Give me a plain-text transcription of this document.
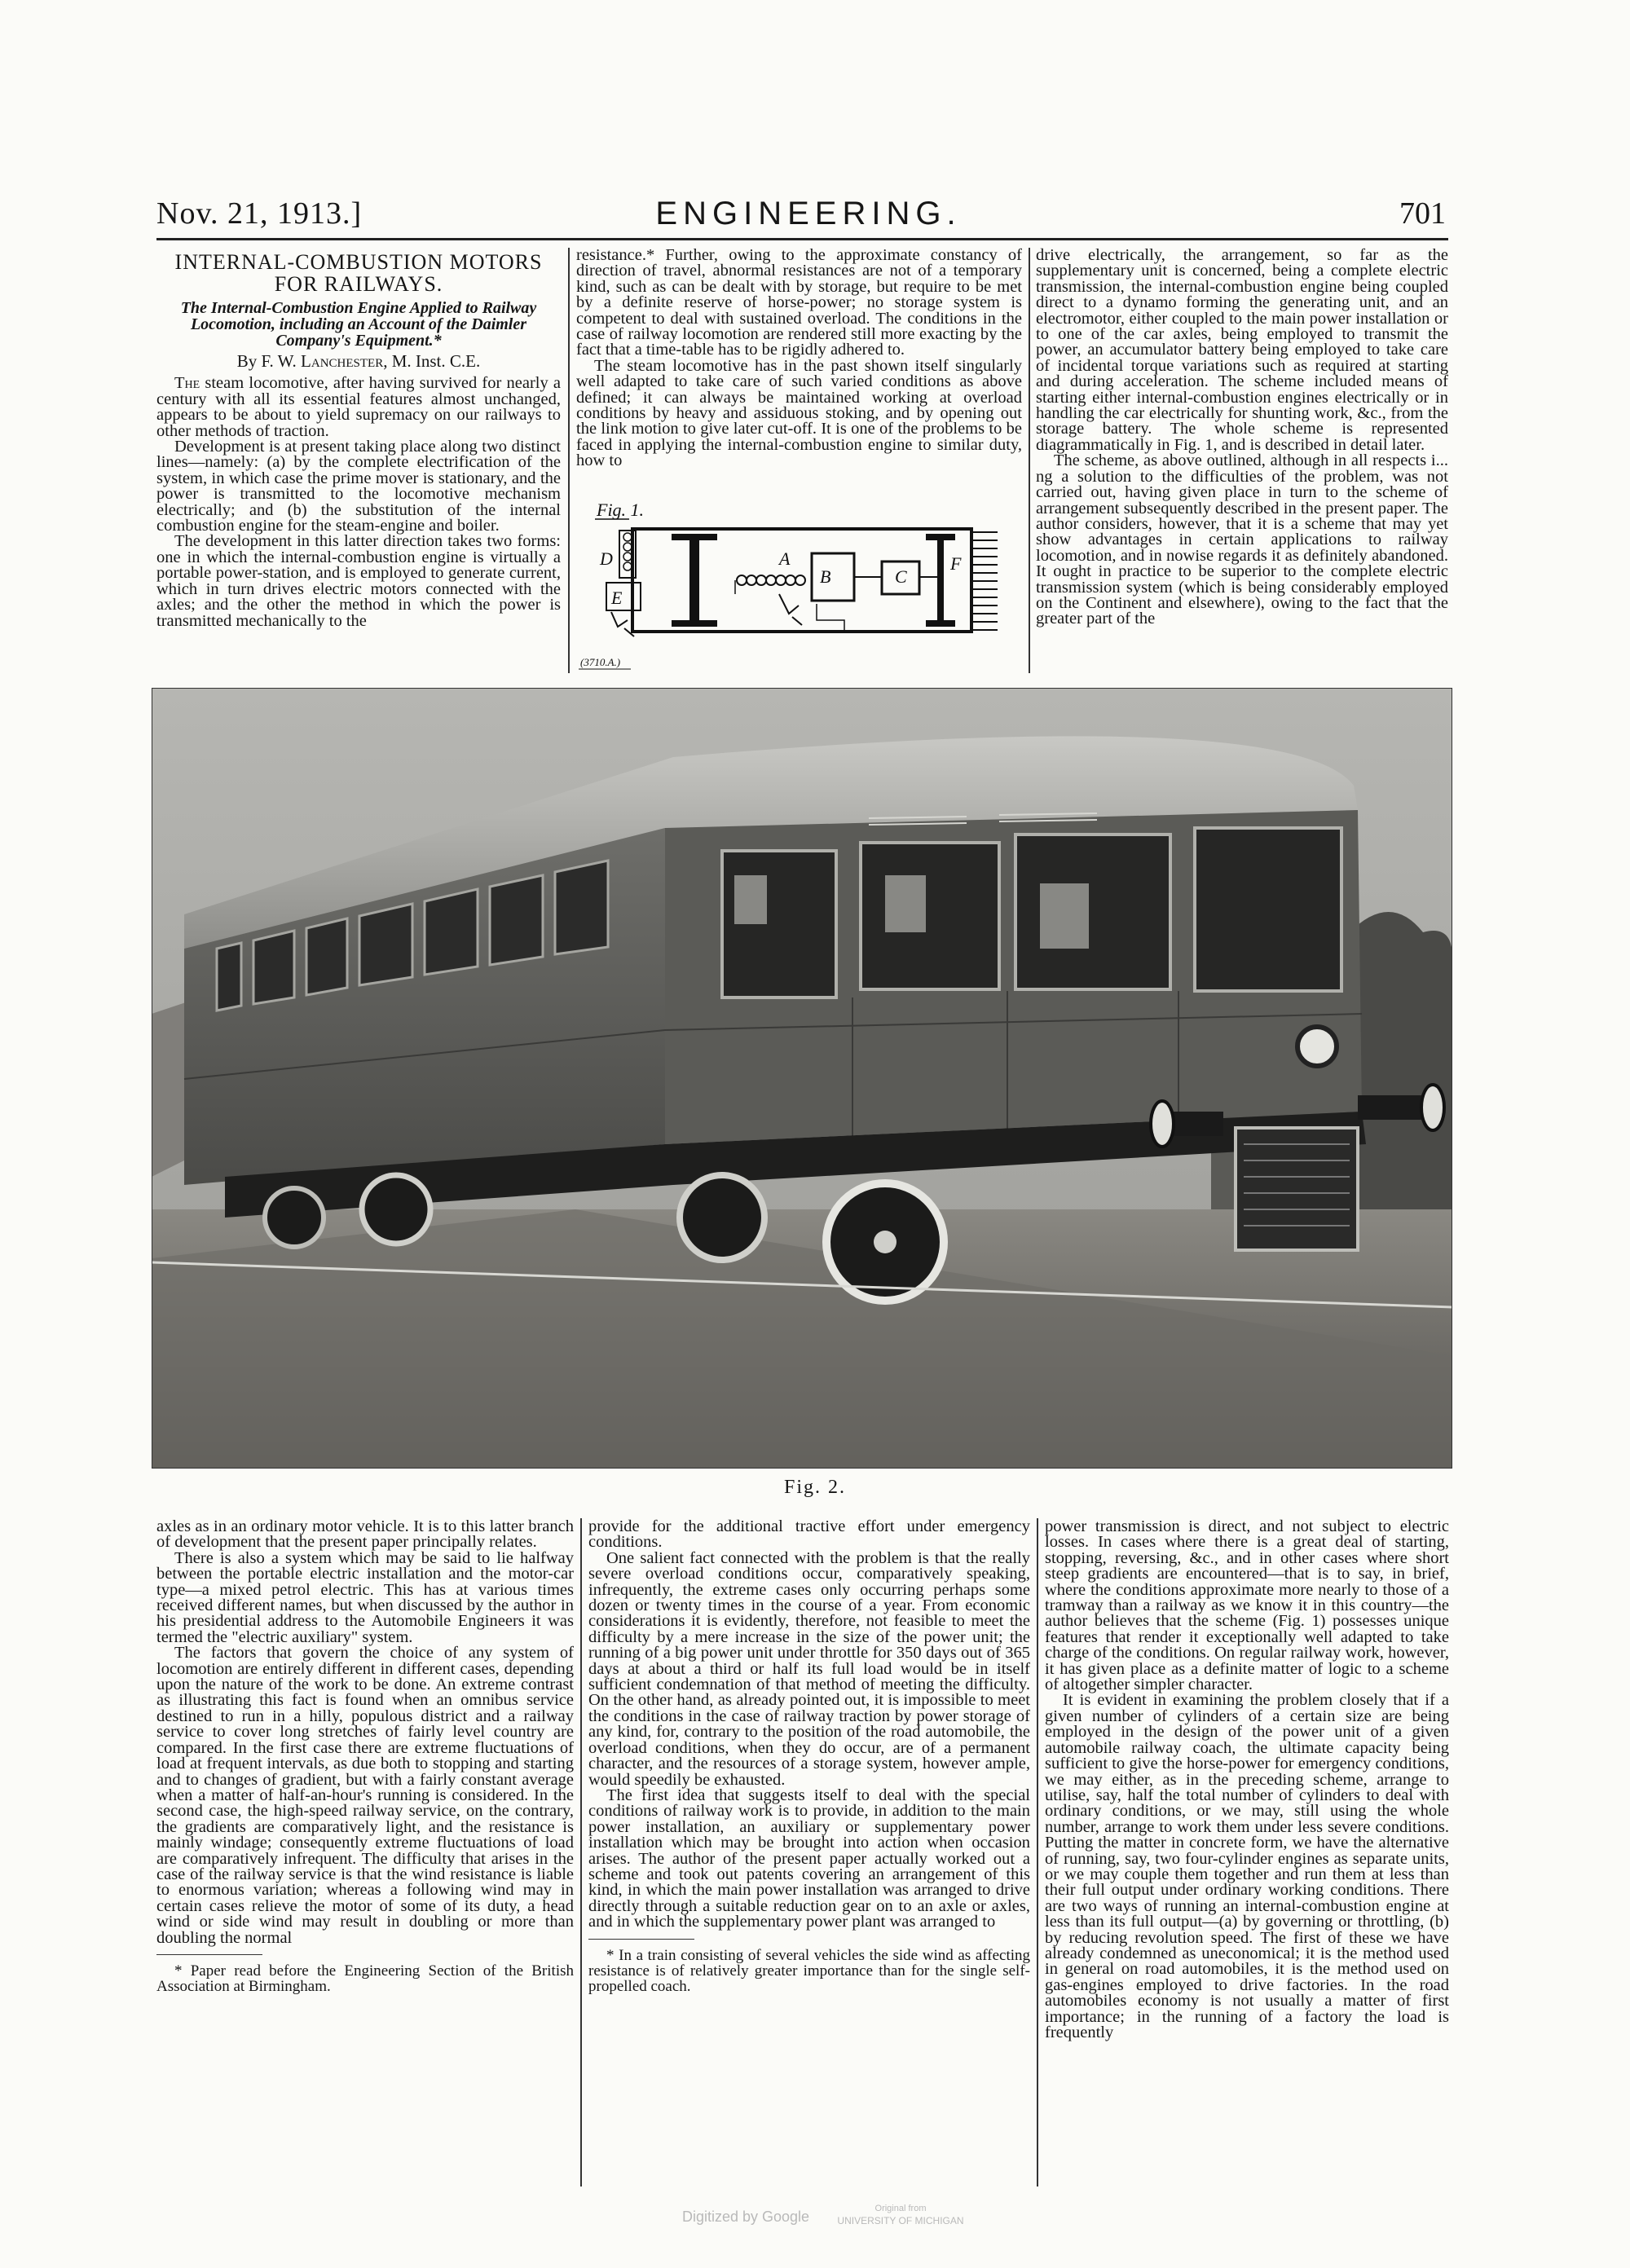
ENGINEERING.
Nov. 21, 1913.]	701
INTERNAL-COMBUSTION MOTORS FOR RAILWAYS.
The Internal-Combustion Engine Applied to Railway Locomotion, including an Account of the Daimler Company's Equipment.*
By F. W. Lanchester, M. Inst. C.E.

The steam locomotive, after having survived for nearly a century with all its essential features almost unchanged, appears to be about to yield supremacy on our railways to other methods of traction.

Development is at present taking place along two distinct lines—namely: (a) by the complete electrification of the system, in which case the prime mover is stationary, and the power is transmitted to the locomotive mechanism electrically; and (b) the substitution of the internal combustion engine for the steam-engine and boiler.

The development in this latter direction takes two forms: one in which the internal-combustion engine is virtually a portable power-station, and is employed to generate current, which in turn drives electric motors connected with the axles; and the other the method in which the power is transmitted mechanically to the

resistance.* Further, owing to the approximate constancy of direction of travel, abnormal resistances are not of a temporary kind, such as can be dealt with by storage, but require to be met by a definite reserve of horse-power; no storage system is competent to deal with sustained overload. The conditions in the case of railway locomotion are rendered still more exacting by the fact that a time-table has to be rigidly adhered to.

The steam locomotive has in the past shown itself singularly well adapted to take care of such varied conditions as above defined; it can always be maintained working at overload conditions by heavy and assiduous stoking, and by opening out the link motion to give later cut-off. It is one of the problems to be faced in applying the internal-combustion engine to similar duty, how to

Fig. 1.
D
E
A
B	C
F
(3710.A.)

drive electrically, the arrangement, so far as the supplementary unit is concerned, being a complete electric transmission, the internal-combustion engine being coupled direct to a dynamo forming the generating unit, and an electromotor, either coupled to the main power installation or to one of the car axles, being employed to transmit the power, an accumulator battery being employed to take care of incidental torque variations such as required at starting and during acceleration. The scheme included means of starting either internal-combustion engines electrically or in handling the car electrically for shunting work, &c., from the storage battery. The whole scheme is represented diagrammatically in Fig. 1, and is described in detail later.

The scheme, as above outlined, although in all respects i... ng a solution to the difficulties of the problem, was not carried out, having given place in turn to the scheme of arrangement subsequently described in the present paper. The author considers, however, that it is a scheme that may yet show advantages in certain applications to railway locomotion, and in nowise regards it as definitely abandoned. It ought in practice to be superior to the complete electric transmission system (which is being considerably employed on the Continent and elsewhere), owing to the fact that the greater part of the

Fig. 2.

axles as in an ordinary motor vehicle. It is to this latter branch of development that the present paper principally relates.

There is also a system which may be said to lie halfway between the portable electric installation and the motor-car type—a mixed petrol electric. This has at various times received different names, but when discussed by the author in his presidential address to the Automobile Engineers it was termed the "electric auxiliary" system.

The factors that govern the choice of any system of locomotion are entirely different in different cases, depending upon the nature of the work to be done. An extreme contrast as illustrating this fact is found when an omnibus service destined to run in a hilly, populous district and a railway service to cover long stretches of fairly level country are compared. In the first case there are extreme fluctuations of load at frequent intervals, as due both to stopping and starting and to changes of gradient, but with a fairly constant average when a matter of half-an-hour's running is considered. In the second case, the high-speed railway service, on the contrary, the gradients are comparatively light, and the resistance is mainly windage; consequently extreme fluctuations of load are comparatively infrequent. The difficulty that arises in the case of the railway service is that the wind resistance is liable to enormous variation; whereas a following wind may in certain cases relieve the motor of some of its duty, a head wind or side wind may result in doubling or more than doubling the normal

* Paper read before the Engineering Section of the British Association at Birmingham.

provide for the additional tractive effort under emergency conditions.

One salient fact connected with the problem is that the really severe overload conditions occur, comparatively speaking, infrequently, the extreme cases only occurring perhaps some dozen or twenty times in the course of a year. From economic considerations it is evidently, therefore, not feasible to meet the difficulty by a mere increase in the size of the power unit; the running of a big power unit under throttle for 350 days out of 365 days at about a third or half its full load would be in itself sufficient condemnation of that method of meeting the difficulty. On the other hand, as already pointed out, it is impossible to meet the conditions in the case of railway traction by power storage of any kind, for, contrary to the position of the road automobile, the overload conditions, when they do occur, are of a permanent character, and the resources of a storage system, however ample, would speedily be exhausted.

The first idea that suggests itself to deal with the special conditions of railway work is to provide, in addition to the main power installation, an auxiliary or supplementary power installation which may be brought into action when occasion arises. The author of the present paper actually worked out a scheme and took out patents covering an arrangement of this kind, in which the main power installation was arranged to drive directly through a suitable reduction gear on to an axle or axles, and in which the supplementary power plant was arranged to

* In a train consisting of several vehicles the side wind as affecting resistance is of relatively greater importance than for the single self-propelled coach.

power transmission is direct, and not subject to electric losses. In cases where there is a great deal of starting, stopping, reversing, &c., and in other cases where short steep gradients are encountered—that is to say, in brief, where the conditions approximate more nearly to those of a tramway than a railway as we know it in this country—the author believes that the scheme (Fig. 1) possesses unique features that render it exceptionally well adapted to take charge of the conditions. On regular railway work, however, it has given place as a definite matter of logic to a scheme of altogether simpler character.

It is evident in examining the problem closely that if a given number of cylinders of a certain size are being employed in the design of the power unit of a given automobile railway coach, the ultimate capacity being sufficient to give the horse-power for emergency conditions, we may either, as in the preceding scheme, arrange to utilise, say, half the total number of cylinders to deal with ordinary conditions, or we may, still using the whole number, arrange to work them under less severe conditions. Putting the matter in concrete form, we have the alternative of running, say, two four-cylinder engines as separate units, or we may couple them together and run them at less than their full output under ordinary working conditions. There are two ways of running an internal-combustion engine at less than its full output—(a) by governing or throttling, (b) by reducing revolution speed. The first of these we have already condemned as uneconomical; it is the method used in general on road automobiles, it is the method used on gas-engines employed to drive factories. In the road automobiles economy is not usually a matter of first importance; in the running of a factory the load is frequently

Digitized by Google	Original from
UNIVERSITY OF MICHIGAN
